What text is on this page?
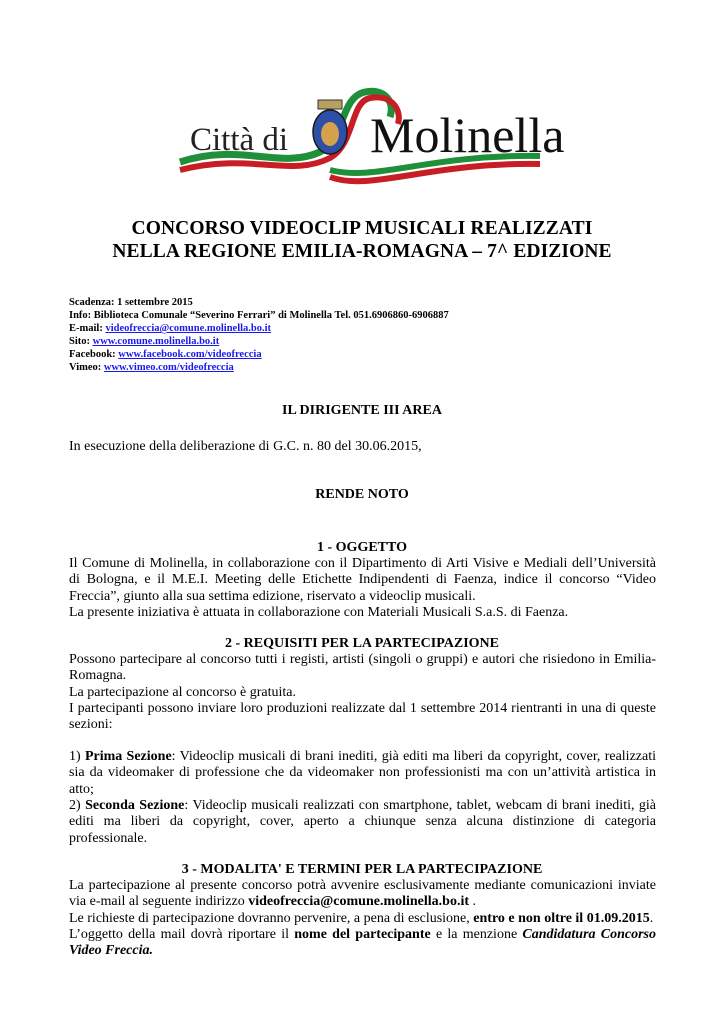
Città di Molinella
CONCORSO VIDEOCLIP MUSICALI REALIZZATI
NELLA REGIONE EMILIA-ROMAGNA – 7^ EDIZIONE
Scadenza: 1 settembre 2015
Info: Biblioteca Comunale “Severino Ferrari” di Molinella Tel. 051.6906860-6906887
E-mail: videofreccia@comune.molinella.bo.it
Sito: www.comune.molinella.bo.it
Facebook: www.facebook.com/videofreccia
Vimeo: www.vimeo.com/videofreccia
IL DIRIGENTE III AREA
In esecuzione della deliberazione di G.C. n. 80 del 30.06.2015,
RENDE NOTO
1 - OGGETTO

Il Comune di Molinella, in collaborazione con il Dipartimento di Arti Visive e Mediali dell’Università

di Bologna, e il M.E.I. Meeting delle Etichette Indipendenti di Faenza, indice il concorso “Video

Freccia”, giunto alla sua settima edizione, riservato a videoclip musicali.

La presente iniziativa è attuata in collaborazione con Materiali Musicali S.a.S. di Faenza.

2 - REQUISITI PER LA PARTECIPAZIONE

Possono partecipare al concorso tutti i registi, artisti (singoli o gruppi) e autori che risiedono in Emilia-

Romagna.

La partecipazione al concorso è gratuita.

I partecipanti possono inviare loro produzioni realizzate dal 1 settembre 2014 rientranti in una di queste

sezioni:

1) Prima Sezione: Videoclip musicali di brani inediti, già editi ma liberi da copyright, cover, realizzati

sia da videomaker di professione che da videomaker non professionisti ma con un’attività artistica in

atto;

2) Seconda Sezione: Videoclip musicali realizzati con smartphone, tablet, webcam di brani inediti, già

editi ma liberi da copyright, cover, aperto a chiunque senza alcuna distinzione di categoria

professionale.

3 - MODALITA' E TERMINI PER LA PARTECIPAZIONE

La partecipazione al presente concorso potrà avvenire esclusivamente mediante comunicazioni inviate

via e-mail al seguente indirizzo videofreccia@comune.molinella.bo.it .

Le richieste di partecipazione dovranno pervenire, a pena di esclusione, entro e non oltre il 01.09.2015.

L’oggetto della mail dovrà riportare il nome del partecipante e la menzione Candidatura Concorso

Video Freccia.
